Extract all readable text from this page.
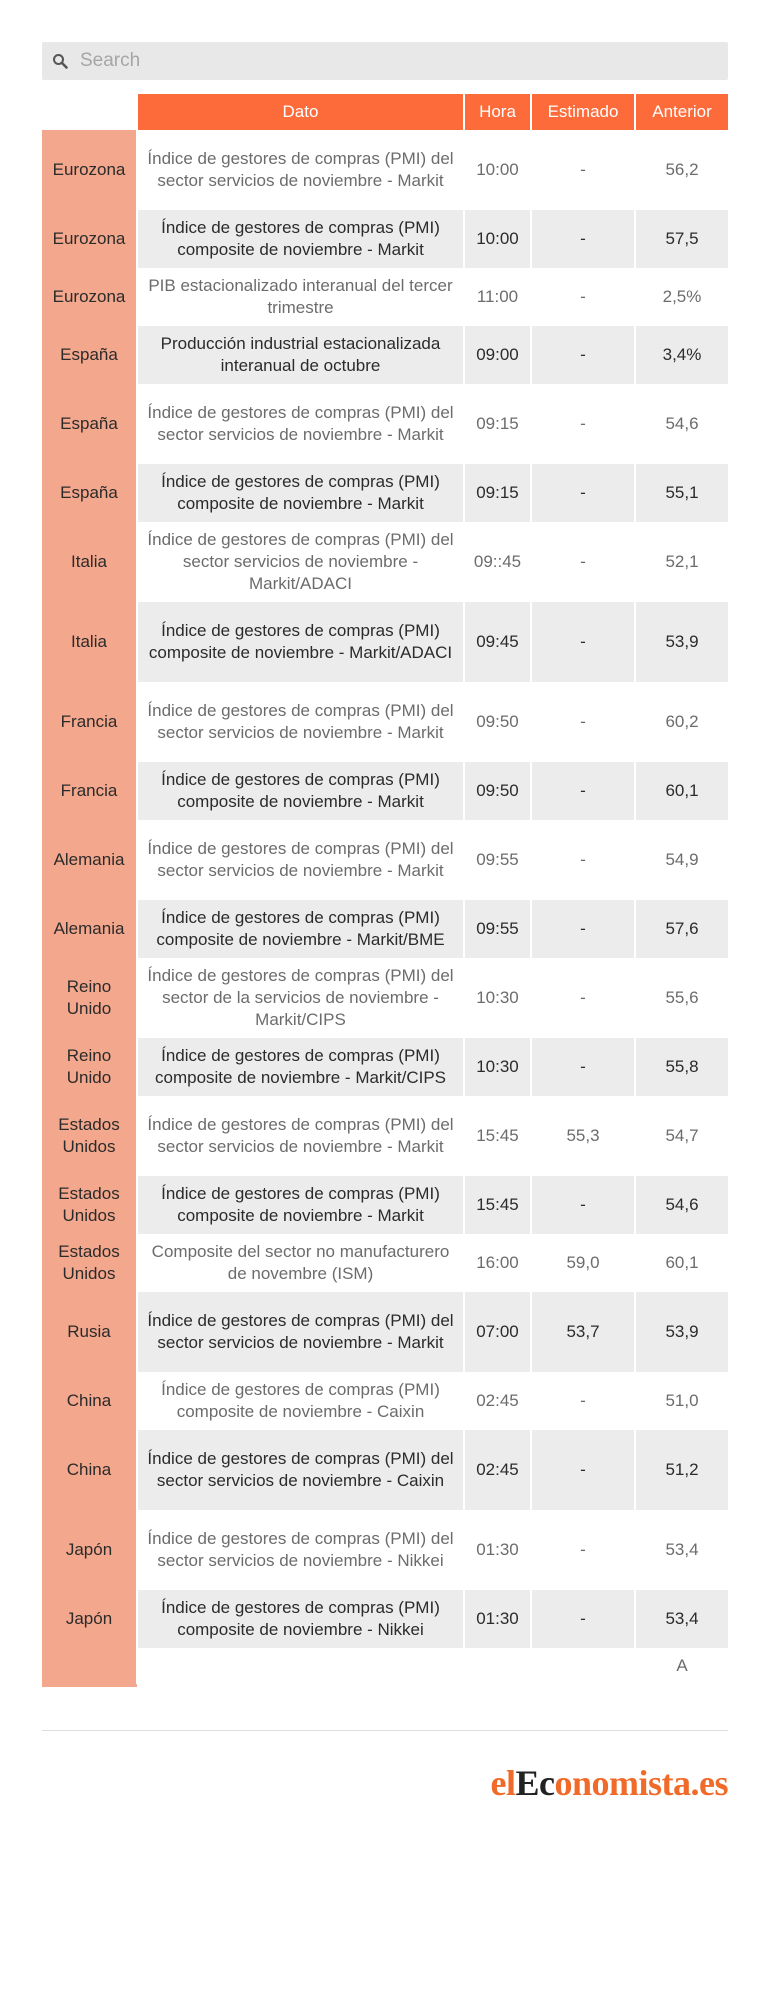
Search
	Dato	Hora	Estimado	Anterior
Eurozona	Índice de gestores de compras (PMI) del sector servicios de noviembre - Markit	10:00	-	56,2
Eurozona	Índice de gestores de compras (PMI) composite de noviembre - Markit	10:00	-	57,5
Eurozona	PIB estacionalizado interanual del tercer trimestre	11:00	-	2,5%
España	Producción industrial estacionalizada interanual de octubre	09:00	-	3,4%
España	Índice de gestores de compras (PMI) del sector servicios de noviembre - Markit	09:15	-	54,6
España	Índice de gestores de compras (PMI) composite de noviembre - Markit	09:15	-	55,1
Italia	Índice de gestores de compras (PMI) del sector servicios de noviembre - Markit/ADACI	09::45	-	52,1
Italia	Índice de gestores de compras (PMI) composite de noviembre - Markit/ADACI	09:45	-	53,9
Francia	Índice de gestores de compras (PMI) del sector servicios de noviembre - Markit	09:50	-	60,2
Francia	Índice de gestores de compras (PMI) composite de noviembre - Markit	09:50	-	60,1
Alemania	Índice de gestores de compras (PMI) del sector servicios de noviembre - Markit	09:55	-	54,9
Alemania	Índice de gestores de compras (PMI) composite de noviembre - Markit/BME	09:55	-	57,6
Reino Unido	Índice de gestores de compras (PMI) del sector de la servicios de noviembre - Markit/CIPS	10:30	-	55,6
Reino Unido	Índice de gestores de compras (PMI) composite de noviembre - Markit/CIPS	10:30	-	55,8
Estados Unidos	Índice de gestores de compras (PMI) del sector servicios de noviembre - Markit	15:45	55,3	54,7
Estados Unidos	Índice de gestores de compras (PMI) composite de noviembre - Markit	15:45	-	54,6
Estados Unidos	Composite del sector no manufacturero de novembre (ISM)	16:00	59,0	60,1
Rusia	Índice de gestores de compras (PMI) del sector servicios de noviembre - Markit	07:00	53,7	53,9
China	Índice de gestores de compras (PMI) composite de noviembre - Caixin	02:45	-	51,0
China	Índice de gestores de compras (PMI) del sector servicios de noviembre - Caixin	02:45	-	51,2
Japón	Índice de gestores de compras (PMI) del sector servicios de noviembre - Nikkei	01:30	-	53,4
Japón	Índice de gestores de compras (PMI) composite de noviembre - Nikkei	01:30	-	53,4
				A
elEconomista.es
